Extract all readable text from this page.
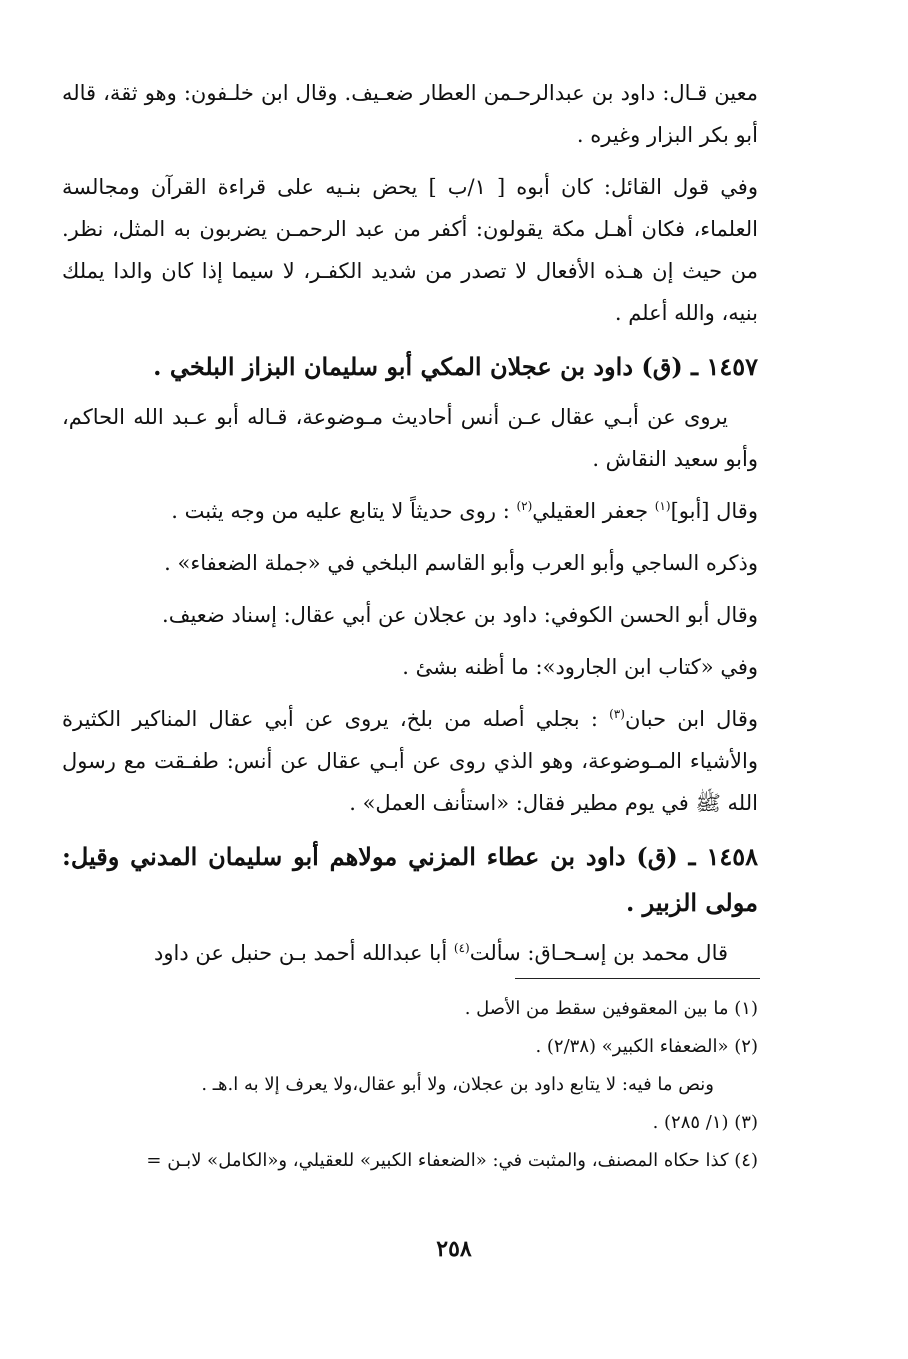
معين قـال: داود بن عبدالرحـمن العطار ضعـيف. وقال ابن خلـفون: وهو ثقة، قاله أبو بكر البزار وغيره .

وفي قول القائل: كان أبوه [ ١/ب ] يحض بنـيه على قراءة القرآن ومجالسة العلماء، فكان أهـل مكة يقولون: أكفر من عبد الرحمـن يضربون به المثل، نظر. من حيث إن هـذه الأفعال لا تصدر من شديد الكفـر، لا سيما إذا كان والدا يملك بنيه، والله أعلم .

١٤٥٧ ـ (ق) داود بن عجلان المكي أبو سليمان البزاز البلخي .

يروى عن أبـي عقال عـن أنس أحاديث مـوضوعة، قـاله أبو عـبد الله الحاكم، وأبو سعيد النقاش .

وقال [أبو]$^{(١)}$ جعفر العقيلي$^{(٢)}$ : روى حديثاً لا يتابع عليه من وجه يثبت .

وذكره الساجي وأبو العرب وأبو القاسم البلخي في «جملة الضعفاء» .

وقال أبو الحسن الكوفي: داود بن عجلان عن أبي عقال: إسناد ضعيف.

وفي «كتاب ابن الجارود»: ما أظنه بشئ .

وقال ابن حبان$^{(٣)}$ : بجلي أصله من بلخ، يروى عن أبي عقال المناكير الكثيرة والأشياء المـوضوعة، وهو الذي روى عن أبـي عقال عن أنس: طفـقت مع رسول الله ﷺ في يوم مطير فقال: «استأنف العمل» .

١٤٥٨ ـ (ق) داود بن عطاء المزني مولاهم أبو سليمان المدني وقيل: مولى الزبير .

قال محمد بن إسـحـاق: سألت$^{(٤)}$ أبا عبدالله أحمد بـن حنبل عن داود

(١) ما بين المعقوفين سقط من الأصل .

(٢) «الضعفاء الكبير» (٢/٣٨) .

ونص ما فيه: لا يتابع داود بن عجلان، ولا أبو عقال،ولا يعرف إلا به ا.هـ .

(٣) (١/ ٢٨٥) .

(٤) كذا حكاه المصنف، والمثبت في: «الضعفاء الكبير» للعقيلي، و«الكامل» لابـن =

٢٥٨
